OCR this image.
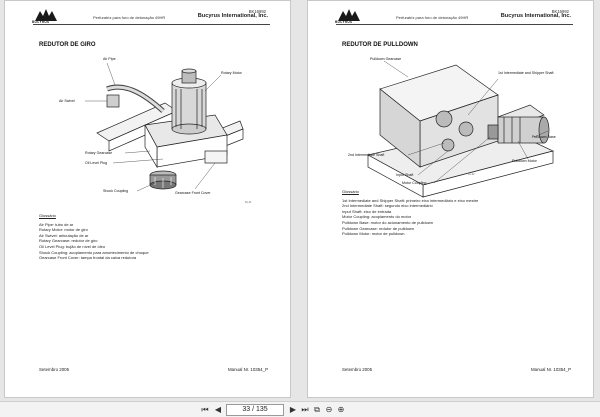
BUCYRUS
BK16992
Perfuratriz para furo de detonação 49HR	Bucyrus International, Inc.
REDUTOR DE GIRO
Air Pipe
Air Swivel
Rotary Motor
Rotary Gearcase
Oil Level Plug
Shock Coupling	Gearcase Front Cover
RL-01
Glossário
Air Pipe: tubo de ar
Rotary Motor: motor de giro
Air Swivel: articulação de ar
Rotary Gearcase: redutor de giro
Oil Level Plug: bujão de nível de óleo
Shock Coupling: acoplamento para amortecimento de choque
Gearcase Front Cover: tampa frontal da caixa redutora
Setembro 2005	Manual Nr. 10354_P
BUCYRUS
BK16992
Perfuratriz para furo de detonação 49HR	Bucyrus International, Inc.
REDUTOR DE PULLDOWN
Pulldown Gearcase
1st Intermediate and Shipper Shaft
2nd Intermediate Shaft
Input Shaft
Motor Coupling
Pulldown Base
Pulldown Motor
RL-02
Glossário
1st Intermediate and Shipper Shaft: primeiro eixo intermediário e eixo mestre
2nd Intermediate Shaft: segundo eixo intermediário
Input Shaft: eixo de entrada
Motor Coupling: acoplamento do motor
Pulldown Base: motor do acionamento de pulldown
Pulldown Gearcase: redutor de pulldown
Pulldown Motor: motor de pulldown
Setembro 2005	Manual Nr. 10354_P
⏮ ◀	33 / 135	▶ ⏭ ⧉ ⊖ ⊕
